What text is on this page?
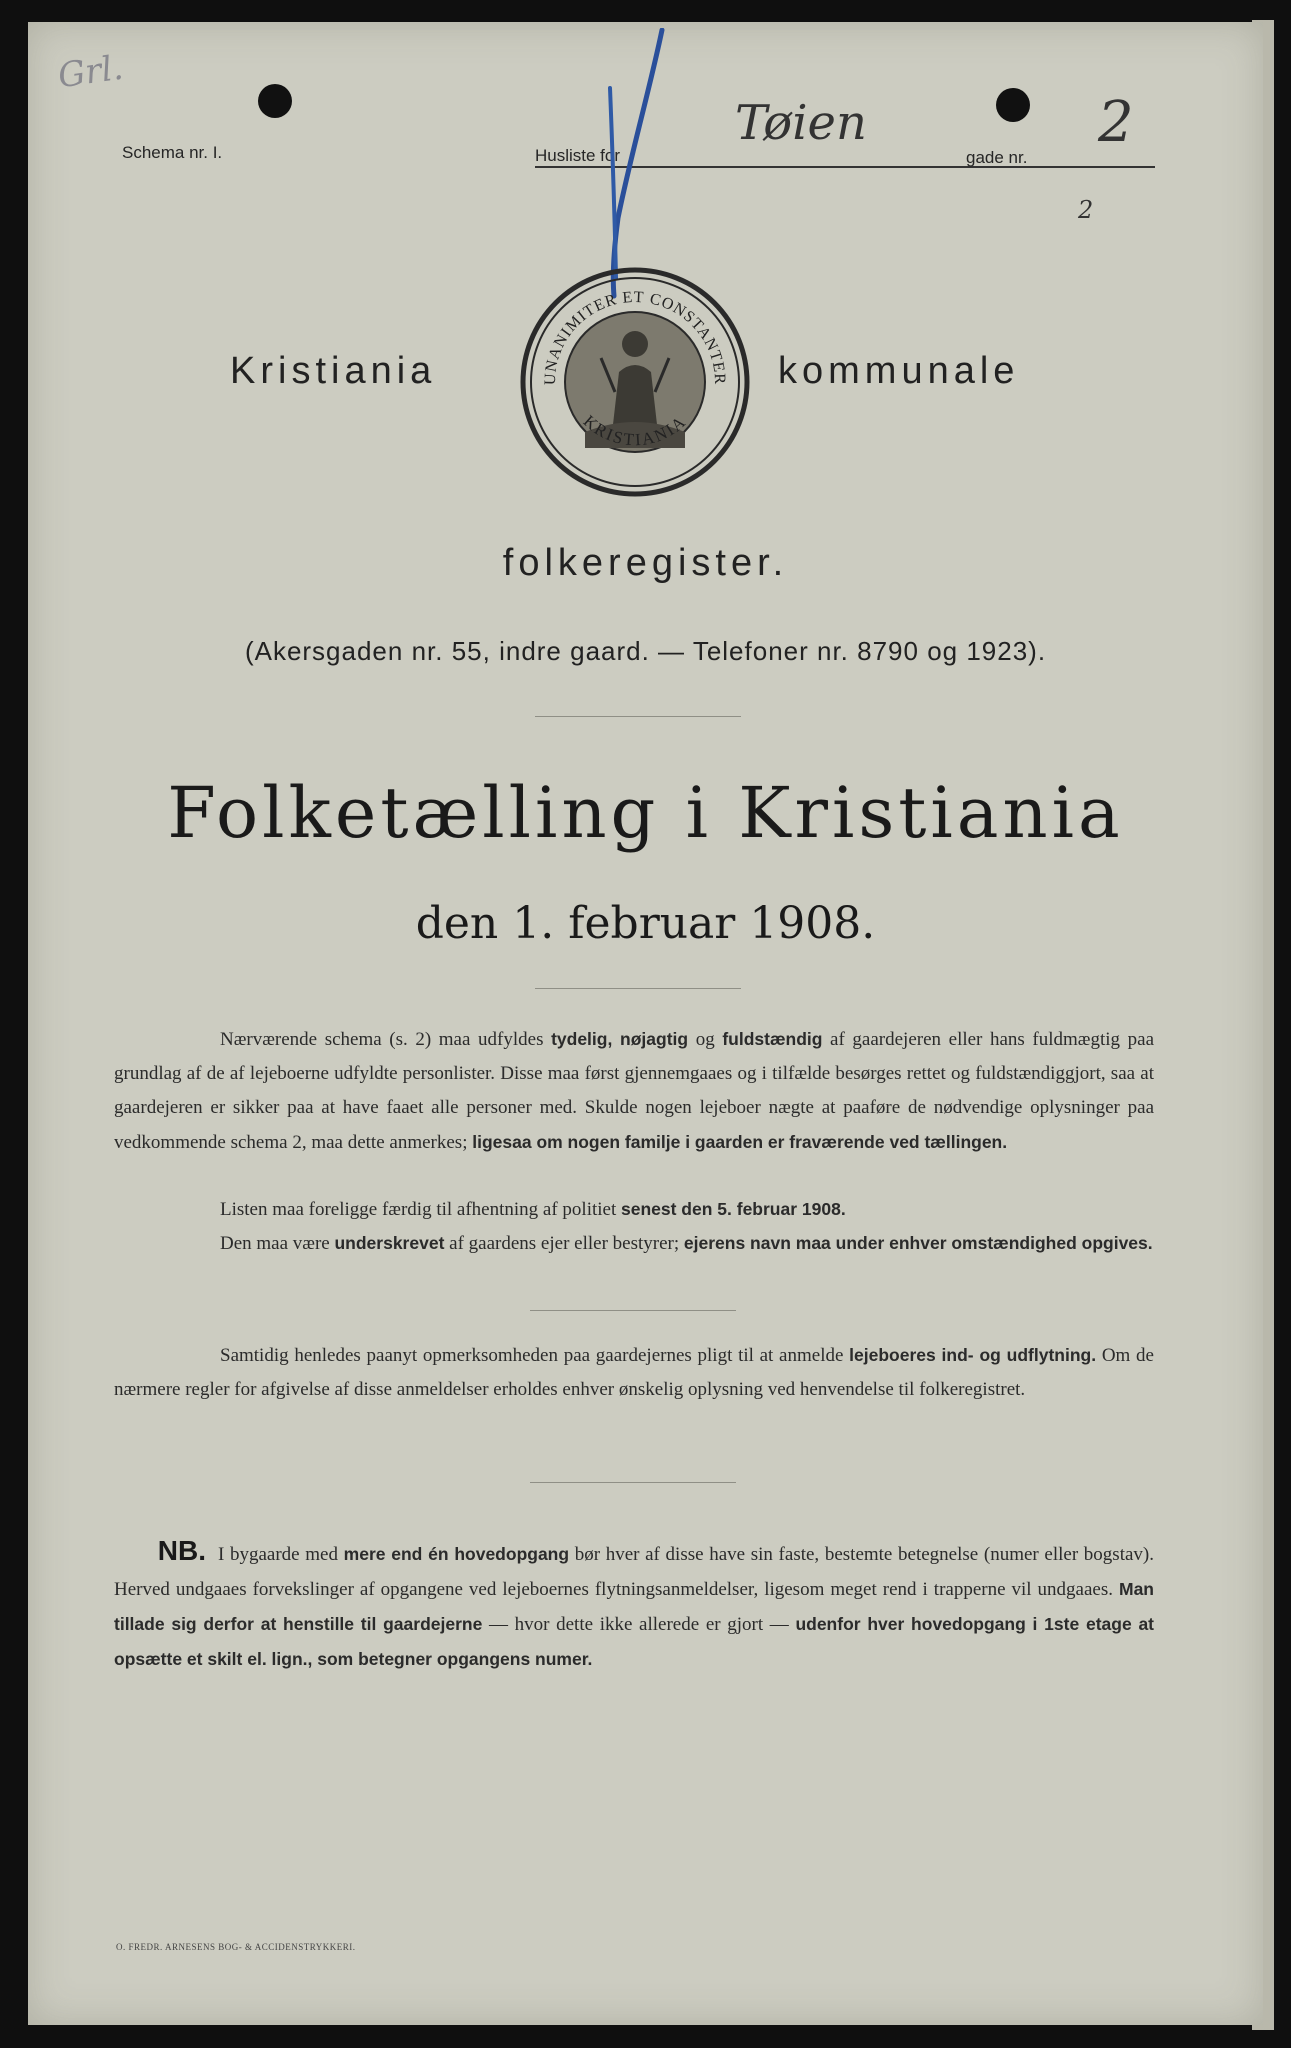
Grl.
Schema nr. I.	Husliste for
Tøien
gade nr.
2
2
UNANIMITER ET CONSTANTER
KRISTIANIA
Kristiania	kommunale
folkeregister.
(Akersgaden nr. 55, indre gaard. — Telefoner nr. 8790 og 1923).
Folketælling i Kristiania
den 1. februar 1908.

Nærværende schema (s. 2) maa udfyldes tydelig, nøjagtig og fuldstændig af gaardejeren eller hans fuldmægtig paa grundlag af de af lejeboerne udfyldte personlister. Disse maa først gjennemgaaes og i tilfælde besørges rettet og fuldstændiggjort, saa at gaardejeren er sikker paa at have faaet alle personer med. Skulde nogen lejeboer nægte at paaføre de nødvendige oplysninger paa vedkommende schema 2, maa dette anmerkes; ligesaa om nogen familje i gaarden er fraværende ved tællingen.

Listen maa foreligge færdig til afhentning af politiet senest den 5. februar 1908.

Den maa være underskrevet af gaardens ejer eller bestyrer; ejerens navn maa under enhver omstændighed opgives.

Samtidig henledes paanyt opmerksomheden paa gaardejernes pligt til at anmelde lejeboeres ind- og udflytning. Om de nærmere regler for afgivelse af disse anmeldelser erholdes enhver ønskelig oplysning ved henvendelse til folkeregistret.

NB. I bygaarde med mere end én hovedopgang bør hver af disse have sin faste, bestemte betegnelse (numer eller bogstav). Herved undgaaes forvekslinger af opgangene ved lejeboernes flytningsanmeldelser, ligesom meget rend i trapperne vil undgaaes. Man tillade sig derfor at henstille til gaardejerne — hvor dette ikke allerede er gjort — udenfor hver hovedopgang i 1ste etage at opsætte et skilt el. lign., som betegner opgangens numer.

O. FREDR. ARNESENS BOG- & ACCIDENSTRYKKERI.
